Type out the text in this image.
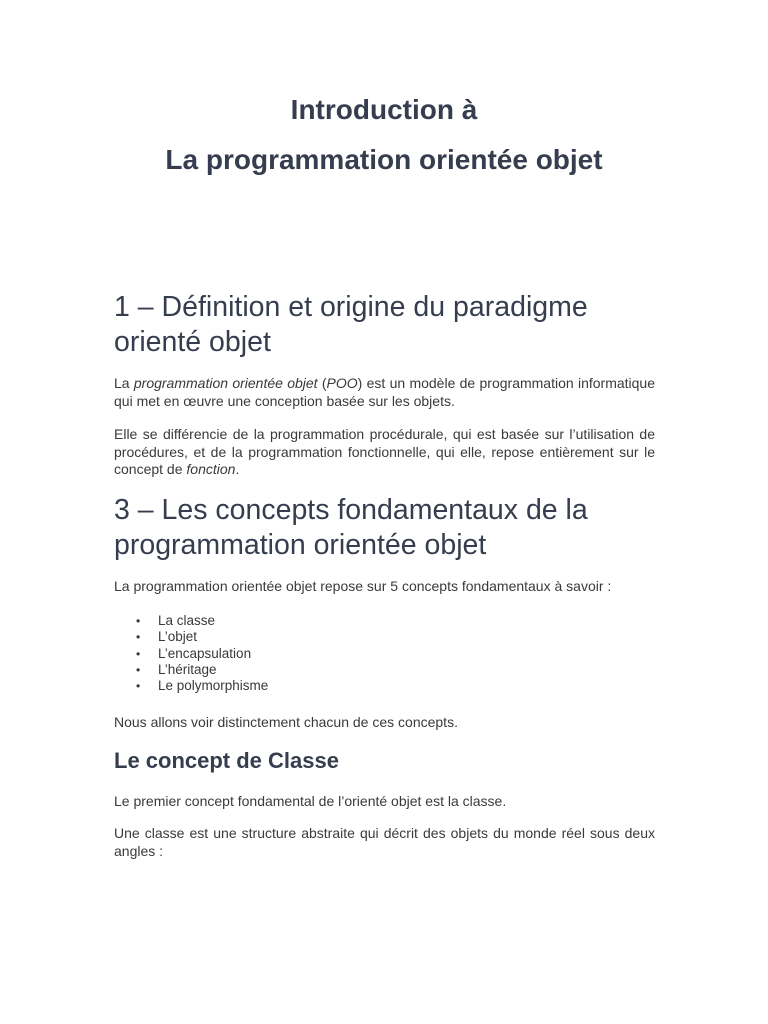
Introduction à
La programmation orientée objet
1 – Définition et origine du paradigme orienté objet

La programmation orientée objet (POO) est un modèle de programmation informatique qui met en œuvre une conception basée sur les objets.

Elle se différencie de la programmation procédurale, qui est basée sur l’utilisation de procédures, et de la programmation fonctionnelle, qui elle, repose entièrement sur le concept de fonction.

3 – Les concepts fondamentaux de la programmation orientée objet

La programmation orientée objet repose sur 5 concepts fondamentaux à savoir :

• La classe
• L’objet
• L’encapsulation
• L’héritage
• Le polymorphisme

Nous allons voir distinctement chacun de ces concepts.

Le concept de Classe

Le premier concept fondamental de l’orienté objet est la classe.

Une classe est une structure abstraite qui décrit des objets du monde réel sous deux angles :
